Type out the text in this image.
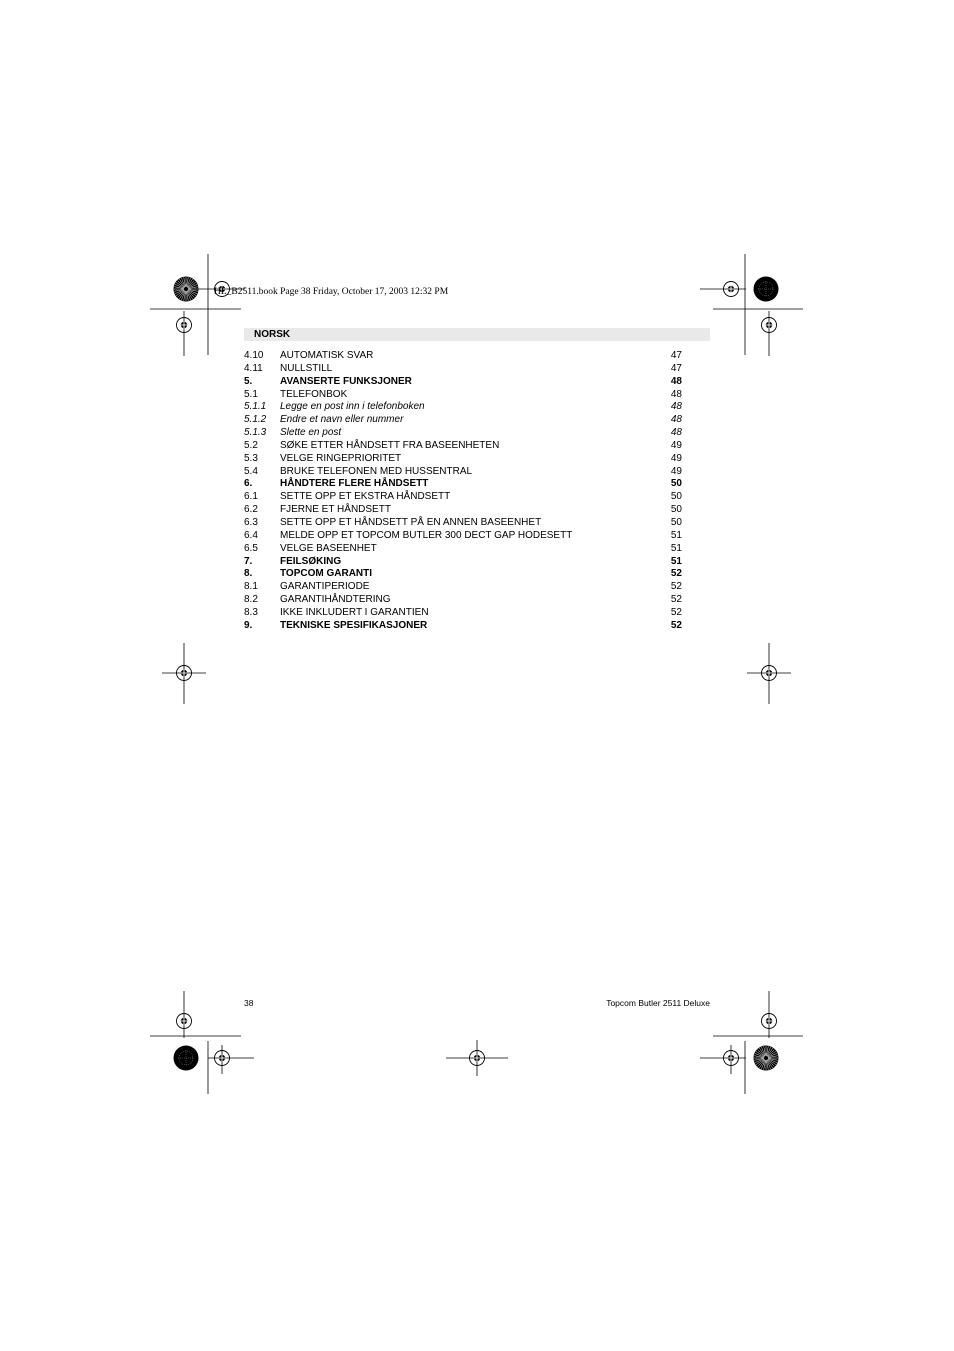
HL_B2511.book Page 38 Friday, October 17, 2003 12:32 PM
NORSK
4.10 AUTOMATISK SVAR	47
4.11 NULLSTILL	47
5.	AVANSERTE FUNKSJONER	48
5.1 TELEFONBOK	48
5.1.1 Legge en post inn i telefonboken	48
5.1.2 Endre et navn eller nummer	48
5.1.3 Slette en post	48
5.2 SØKE ETTER HÅNDSETT FRA BASEENHETEN	49
5.3 VELGE RINGEPRIORITET	49
5.4 BRUKE TELEFONEN MED HUSSENTRAL	49
6.	HÅNDTERE FLERE HÅNDSETT	50
6.1 SETTE OPP ET EKSTRA HÅNDSETT	50
6.2 FJERNE ET HÅNDSETT	50
6.3 SETTE OPP ET HÅNDSETT PÅ EN ANNEN BASEENHET	50
6.4 MELDE OPP ET TOPCOM BUTLER 300 DECT GAP HODESETT	51
6.5 VELGE BASEENHET	51
7.	FEILSØKING	51
8.	TOPCOM GARANTI	52
8.1 GARANTIPERIODE	52
8.2 GARANTIHÅNDTERING	52
8.3 IKKE INKLUDERT I GARANTIEN	52
9.	TEKNISKE SPESIFIKASJONER	52
38	Topcom Butler 2511 Deluxe
